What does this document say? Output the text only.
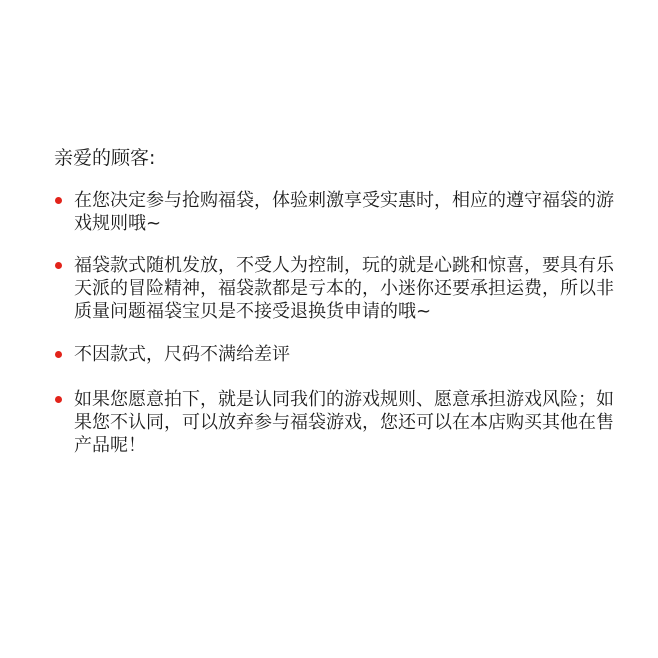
亲爱的顾客:
在您决定参与抢购福袋，体验刺激享受实惠时，相应的遵守福袋的游戏规则哦~
福袋款式随机发放，不受人为控制，玩的就是心跳和惊喜，要具有乐天派的冒险精神，福袋款都是亏本的，小迷你还要承担运费，所以非质量问题福袋宝贝是不接受退换货申请的哦~
不因款式，尺码不满给差评
如果您愿意拍下，就是认同我们的游戏规则、愿意承担游戏风险；如果您不认同，可以放弃参与福袋游戏，您还可以在本店购买其他在售产品呢！
